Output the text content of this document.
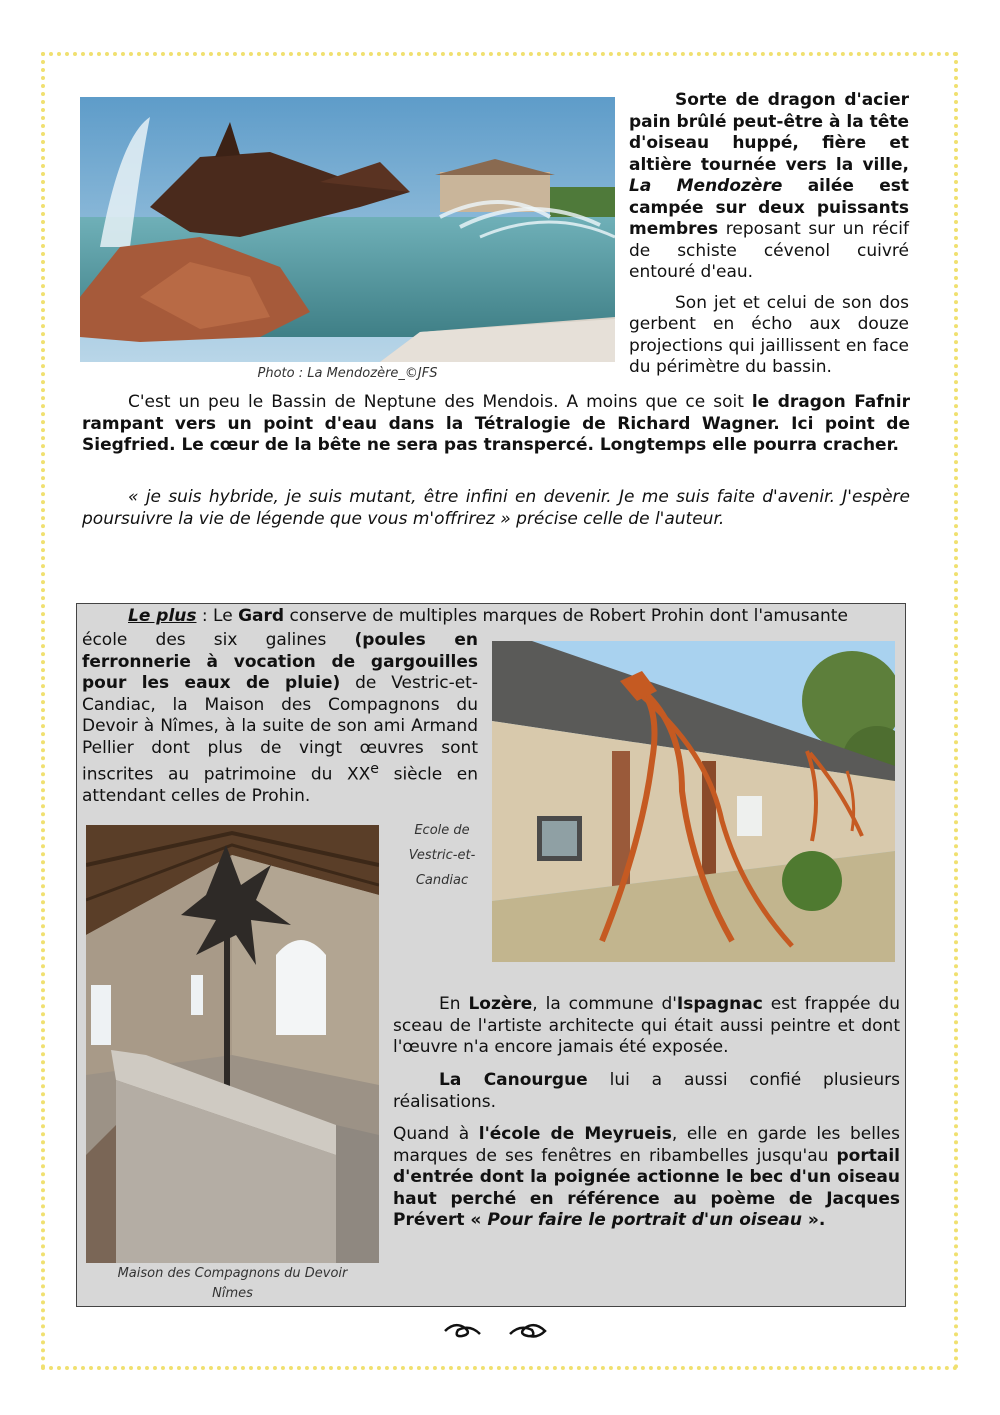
Photo : La Mendozère_©JFS

Sorte de dragon d'acier pain brûlé peut-être à la tête d'oiseau huppé, fière et altière tournée vers la ville, La Mendozère ailée est campée sur deux puissants membres reposant sur un récif de schiste cévenol cuivré entouré d'eau.

Son jet et celui de son dos gerbent en écho aux douze projections qui jaillissent en face du périmètre du bassin.

C'est un peu le Bassin de Neptune des Mendois. A moins que ce soit le dragon Fafnir rampant vers un point d'eau dans la Tétralogie de Richard Wagner. Ici point de Siegfried. Le cœur de la bête ne sera pas transpercé. Longtemps elle pourra cracher.
« je suis hybride, je suis mutant, être infini en devenir. Je me suis faite d'avenir. J'espère poursuivre la vie de légende que vous m'offrirez » précise celle de l'auteur.
Le plus : Le Gard conserve de multiples marques de Robert Prohin dont l'amusante
école des six galines (poules en ferronnerie à vocation de gargouilles pour les eaux de pluie) de Vestric-et-Candiac, la Maison des Compagnons du Devoir à Nîmes, à la suite de son ami Armand Pellier dont plus de vingt œuvres sont inscrites au patrimoine du XXe siècle en attendant celles de Prohin.
Ecole de
Vestric-et-
Candiac
Maison des Compagnons du Devoir
Nîmes
En Lozère, la commune d'Ispagnac est frappée du sceau de l'artiste architecte qui était aussi peintre et dont l'œuvre n'a encore jamais été exposée.
La Canourgue lui a aussi confié plusieurs réalisations.
Quand à l'école de Meyrueis, elle en garde les belles marques de ses fenêtres en ribambelles jusqu'au portail d'entrée dont la poignée actionne le bec d'un oiseau haut perché en référence au poème de Jacques Prévert « Pour faire le portrait d'un oiseau ».
